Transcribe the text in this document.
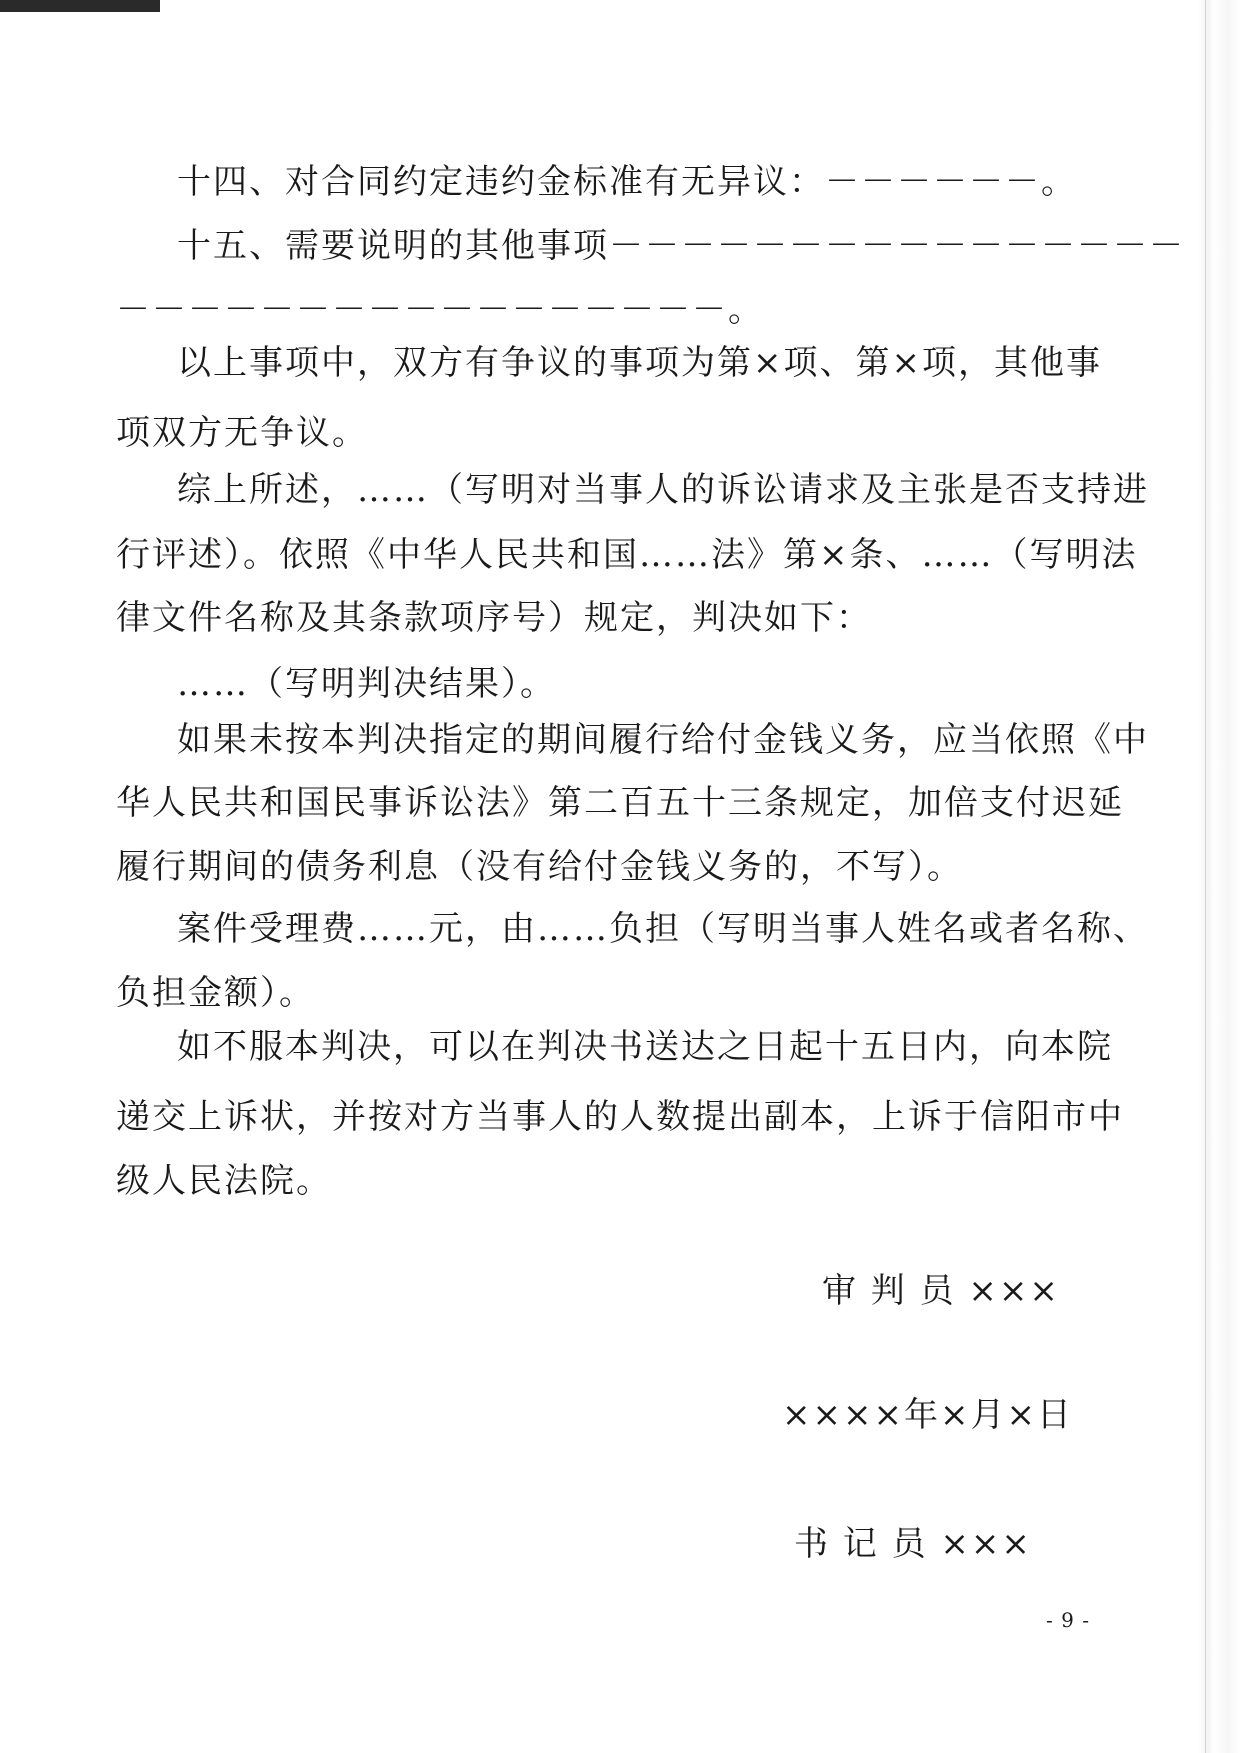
十四、对合同约定违约金标准有无异议：－－－－－－。

十五、需要说明的其他事项－－－－－－－－－－－－－－－－

－－－－－－－－－－－－－－－－－。

以上事项中，双方有争议的事项为第×项、第×项，其他事

项双方无争议。

综上所述，……（写明对当事人的诉讼请求及主张是否支持进

行评述）。依照《中华人民共和国……法》第×条、……（写明法

律文件名称及其条款项序号）规定，判决如下：

……（写明判决结果）。

如果未按本判决指定的期间履行给付金钱义务，应当依照《中

华人民共和国民事诉讼法》第二百五十三条规定，加倍支付迟延

履行期间的债务利息（没有给付金钱义务的，不写）。

案件受理费……元，由……负担（写明当事人姓名或者名称、

负担金额）。

如不服本判决，可以在判决书送达之日起十五日内，向本院

递交上诉状，并按对方当事人的人数提出副本，上诉于信阳市中

级人民法院。

审 判 员 ×××

××××年×月×日

书 记 员 ×××

- 9 -
